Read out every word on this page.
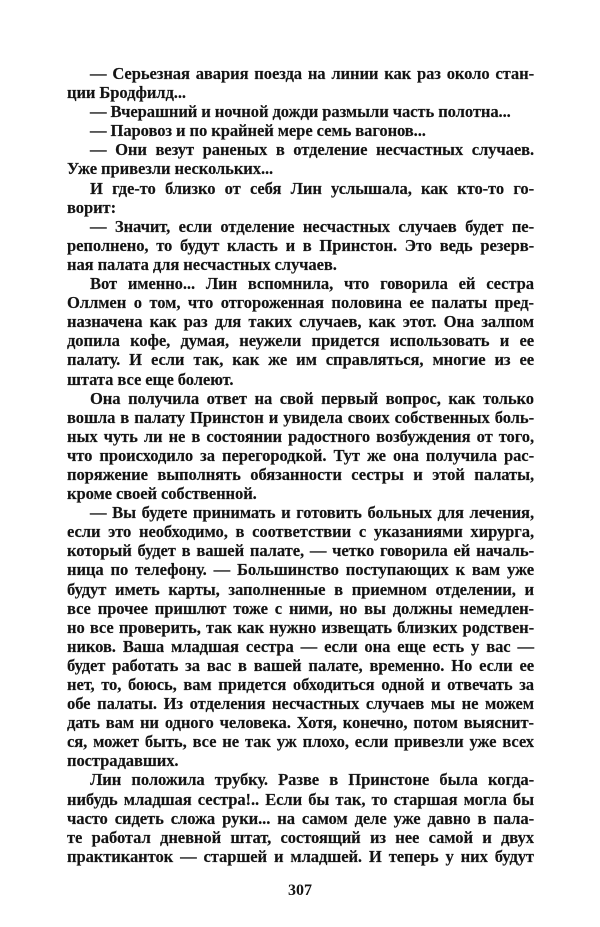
— Серьезная авария поезда на линии как раз около стан-
ции Бродфилд...
— Вчерашний и ночной дожди размыли часть полотна...
— Паровоз и по крайней мере семь вагонов...
— Они везут раненых в отделение несчастных случаев.
Уже привезли нескольких...
И где-то близко от себя Лин услышала, как кто-то го-
ворит:
— Значит, если отделение несчастных случаев будет пе-
реполнено, то будут класть и в Принстон. Это ведь резерв-
ная палата для несчастных случаев.
Вот именно... Лин вспомнила, что говорила ей сестра
Оллмен о том, что отгороженная половина ее палаты пред-
назначена как раз для таких случаев, как этот. Она залпом
допила кофе, думая, неужели придется использовать и ее
палату. И если так, как же им справляться, многие из ее
штата все еще болеют.
Она получила ответ на свой первый вопрос, как только
вошла в палату Принстон и увидела своих собственных боль-
ных чуть ли не в состоянии радостного возбуждения от того,
что происходило за перегородкой. Тут же она получила рас-
поряжение выполнять обязанности сестры и этой палаты,
кроме своей собственной.
— Вы будете принимать и готовить больных для лечения,
если это необходимо, в соответствии с указаниями хирурга,
который будет в вашей палате, — четко говорила ей началь-
ница по телефону. — Большинство поступающих к вам уже
будут иметь карты, заполненные в приемном отделении, и
все прочее пришлют тоже с ними, но вы должны немедлен-
но все проверить, так как нужно извещать близких родствен-
ников. Ваша младшая сестра — если она еще есть у вас —
будет работать за вас в вашей палате, временно. Но если ее
нет, то, боюсь, вам придется обходиться одной и отвечать за
обе палаты. Из отделения несчастных случаев мы не можем
дать вам ни одного человека. Хотя, конечно, потом выяснит-
ся, может быть, все не так уж плохо, если привезли уже всех
пострадавших.
Лин положила трубку. Разве в Принстоне была когда-
нибудь младшая сестра!.. Если бы так, то старшая могла бы
часто сидеть сложа руки... на самом деле уже давно в пала-
те работал дневной штат, состоящий из нее самой и двух
практиканток — старшей и младшей. И теперь у них будут
307
